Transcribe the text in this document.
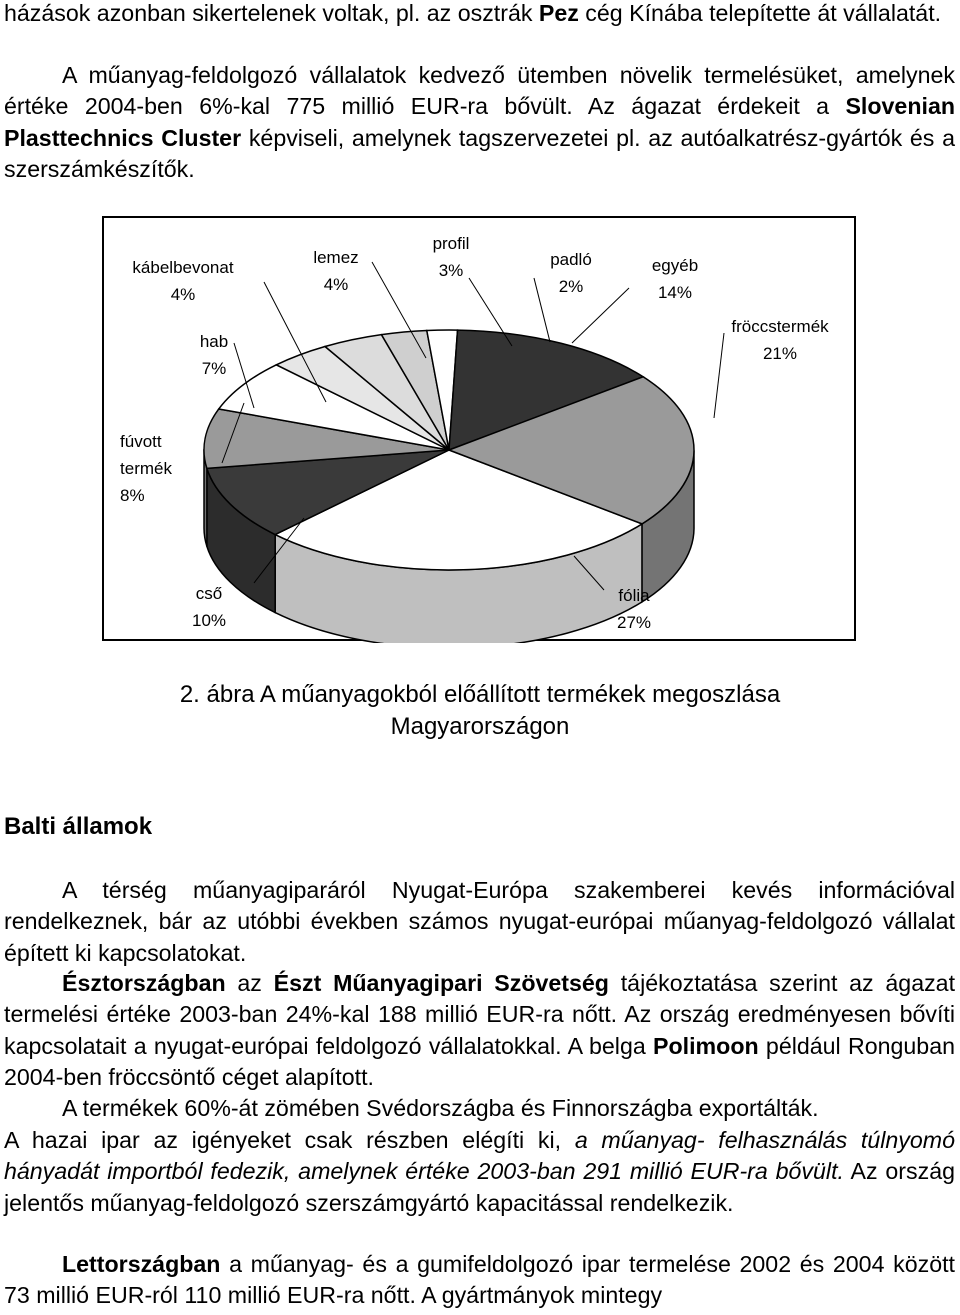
házások azonban sikertelenek voltak, pl. az osztrák Pez cég Kínába telepítette át vállalatát.

A műanyag-feldolgozó vállalatok kedvező ütemben növelik termelésüket, amelynek értéke 2004-ben 6%-kal 775 millió EUR-ra bővült. Az ágazat érdekeit a Slovenian Plasttechnics Cluster képviseli, amelynek tagszervezetei pl. az autóalkatrész-gyártók és a szerszámkészítők.

kábelbevonat
4%
lemez
4%
profil
3%
padló
2%
egyéb
14%
hab
7%
fröccstermék
21%
fúvott
termék
8%
cső
10%
fólia
27%
2. ábra A műanyagokból előállított termékek megoszlása
Magyarországon
Balti államok

A térség műanyagiparáról Nyugat-Európa szakemberei kevés információval rendelkeznek, bár az utóbbi években számos nyugat-európai műanyag-feldolgozó vállalat épített ki kapcsolatokat.

Észtországban az Észt Műanyagipari Szövetség tájékoztatása szerint az ágazat termelési értéke 2003-ban 24%-kal 188 millió EUR-ra nőtt. Az ország eredményesen bővíti kapcsolatait a nyugat-európai feldolgozó vállalatokkal. A belga Polimoon például Ronguban 2004-ben fröccsöntő céget alapított.

A termékek 60%-át zömében Svédországba és Finnországba exportálták.

A hazai ipar az igényeket csak részben elégíti ki, a műanyag- felhasználás túlnyomó hányadát importból fedezik, amelynek értéke 2003-ban 291 millió EUR-ra bővült. Az ország jelentős műanyag-feldolgozó szerszámgyártó kapacitással rendelkezik.

Lettországban a műanyag- és a gumifeldolgozó ipar termelése 2002 és 2004 között 73 millió EUR-ról 110 millió EUR-ra nőtt. A gyártmányok mintegy
